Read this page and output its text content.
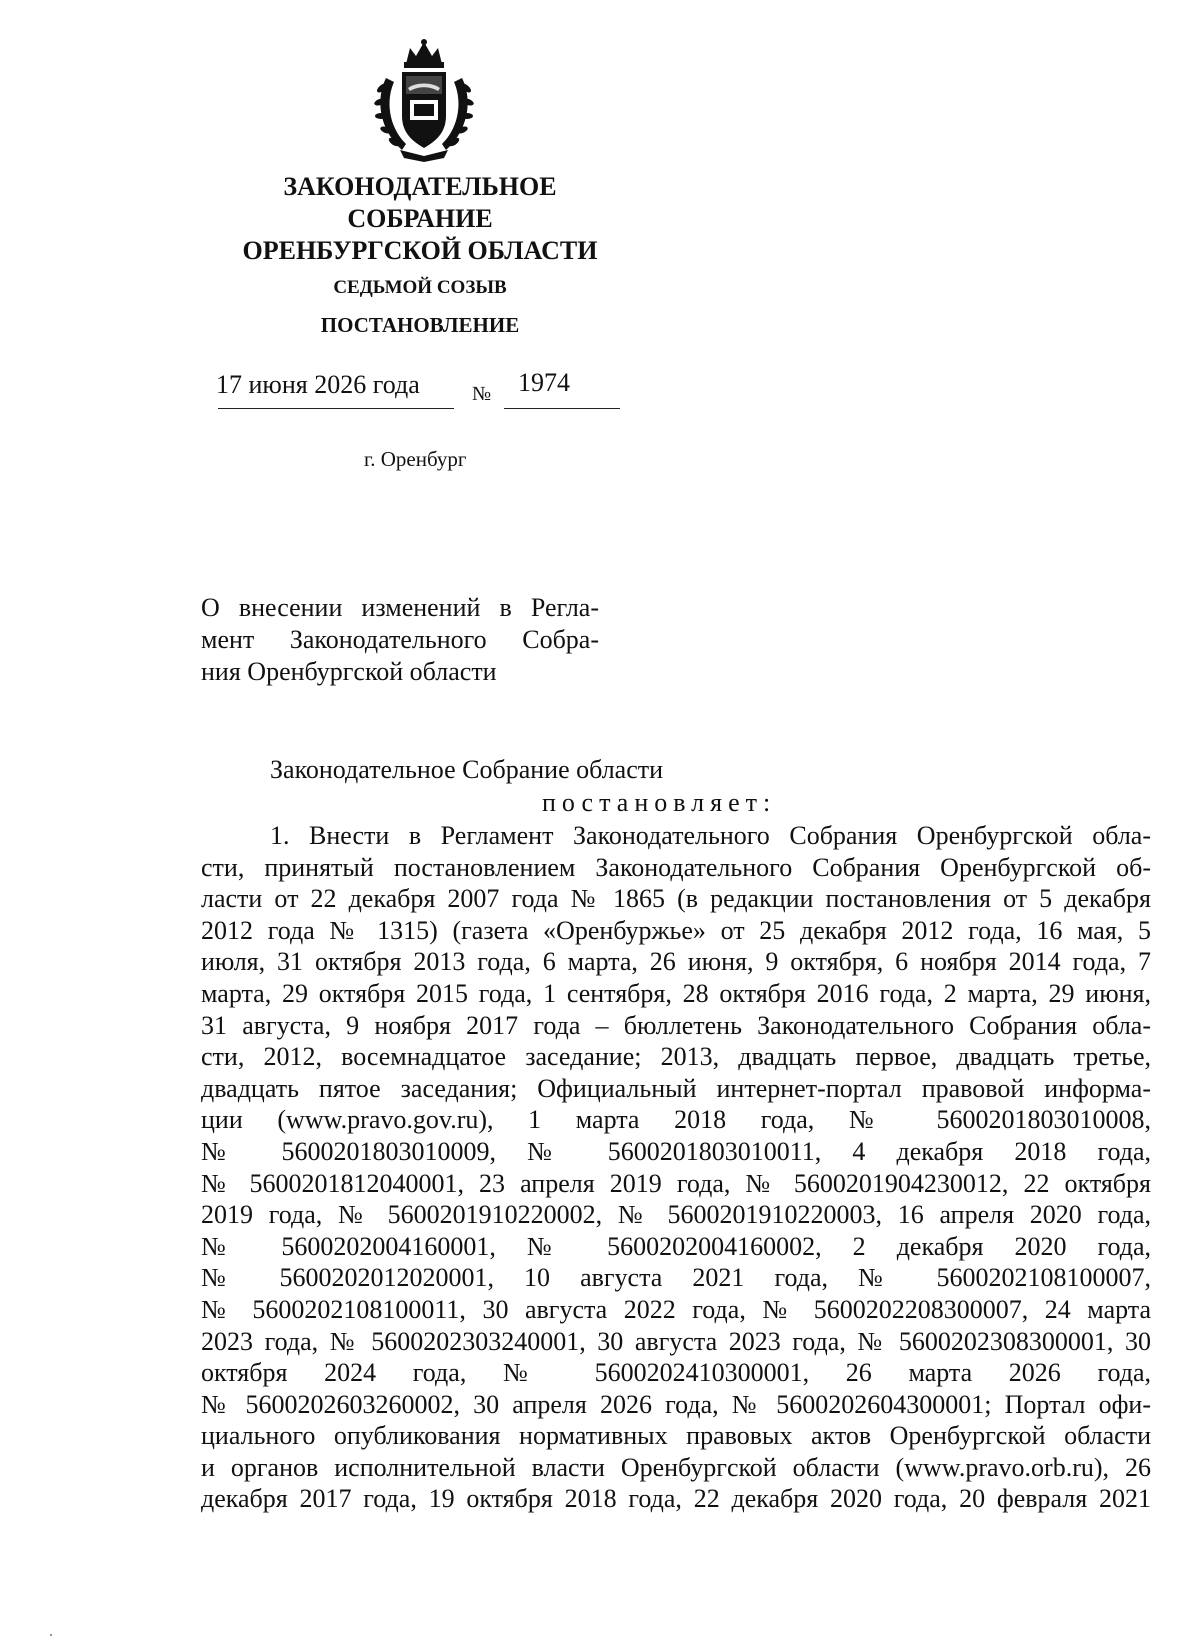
ЗАКОНОДАТЕЛЬНОЕ
СОБРАНИЕ
ОРЕНБУРГСКОЙ ОБЛАСТИ
СЕДЬМОЙ СОЗЫВ
ПОСТАНОВЛЕНИЕ
17 июня 2026 года	№ 1974
г. Оренбург
О внесении изменений в Регла-
мент Законодательного Собра-
ния Оренбургской области
Законодательное Собрание области
постановляет:
1. Внести в Регламент Законодательного Собрания Оренбургской обла-
сти, принятый постановлением Законодательного Собрания Оренбургской об-
ласти от 22 декабря 2007 года № 1865 (в редакции постановления от 5 декабря
2012 года № 1315) (газета «Оренбуржье» от 25 декабря 2012 года, 16 мая, 5
июля, 31 октября 2013 года, 6 марта, 26 июня, 9 октября, 6 ноября 2014 года, 7
марта, 29 октября 2015 года, 1 сентября, 28 октября 2016 года, 2 марта, 29 июня,
31 августа, 9 ноября 2017 года – бюллетень Законодательного Собрания обла-
сти, 2012, восемнадцатое заседание; 2013, двадцать первое, двадцать третье,
двадцать пятое заседания; Официальный интернет-портал правовой информа-
ции (www.pravo.gov.ru), 1 марта 2018 года, № 5600201803010008,
№ 5600201803010009, № 5600201803010011, 4 декабря 2018 года,
№ 5600201812040001, 23 апреля 2019 года, № 5600201904230012, 22 октября
2019 года, № 5600201910220002, № 5600201910220003, 16 апреля 2020 года,
№ 5600202004160001, № 5600202004160002, 2 декабря 2020 года,
№ 5600202012020001, 10 августа 2021 года, № 5600202108100007,
№ 5600202108100011, 30 августа 2022 года, № 5600202208300007, 24 марта
2023 года, № 5600202303240001, 30 августа 2023 года, № 5600202308300001, 30
октября 2024 года, № 5600202410300001, 26 марта 2026 года,
№ 5600202603260002, 30 апреля 2026 года, № 5600202604300001; Портал офи-
циального опубликования нормативных правовых актов Оренбургской области
и органов исполнительной власти Оренбургской области (www.pravo.orb.ru), 26
декабря 2017 года, 19 октября 2018 года, 22 декабря 2020 года, 20 февраля 2021
